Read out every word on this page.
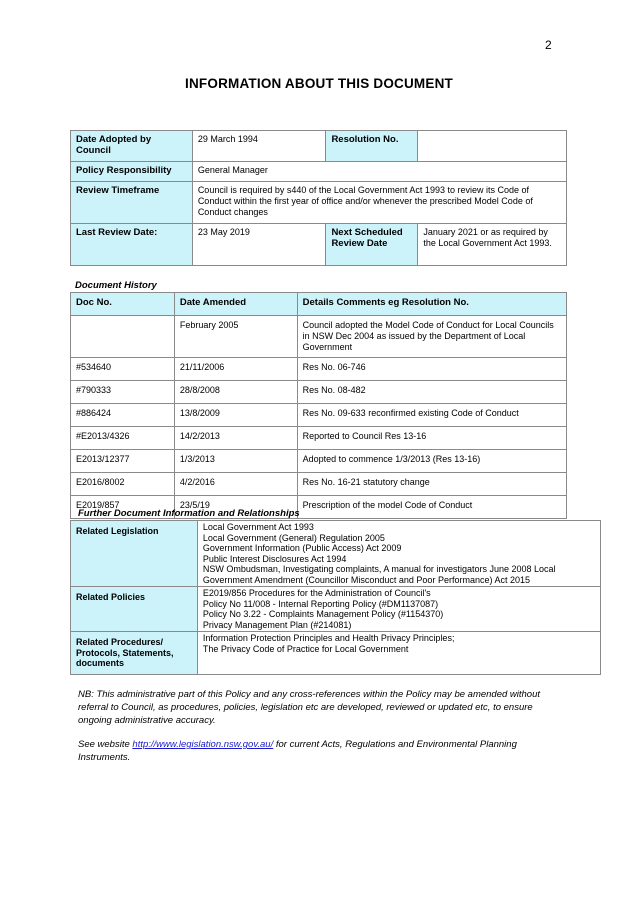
2
INFORMATION ABOUT THIS DOCUMENT
Date Adopted by Council	29 March 1994	Resolution No.	
Policy Responsibility	General Manager		
Review Timeframe	Council is required by s440 of the Local Government Act 1993 to review its Code of Conduct within the first year of office and/or whenever the prescribed Model Code of Conduct changes		
Last Review Date:	23 May 2019	Next Scheduled Review Date	January 2021 or as required by the Local Government Act 1993.
Document History
Doc No.	Date Amended	Details Comments eg Resolution No.
	February 2005	Council adopted the Model Code of Conduct for Local Councils in NSW Dec 2004 as issued by the Department of Local Government
#534640	21/11/2006	Res No. 06-746
#790333	28/8/2008	Res No. 08-482
#886424	13/8/2009	Res No. 09-633 reconfirmed existing Code of Conduct
#E2013/4326	14/2/2013	Reported to Council Res 13-16
E2013/12377	1/3/2013	Adopted to commence 1/3/2013 (Res 13-16)
E2016/8002	4/2/2016	Res No. 16-21 statutory change
E2019/857	23/5/19	Prescription of the model Code of Conduct
Further Document Information and Relationships
Related Legislation	Local Government Act 1993
Local Government (General) Regulation 2005
Government Information (Public Access) Act 2009
Public Interest Disclosures Act 1994
NSW Ombudsman, Investigating complaints, A manual for investigators June 2008 Local Government Amendment (Councillor Misconduct and Poor Performance) Act 2015

Related Policies	E2019/856 Procedures for the Administration of Council's
Policy No 11/008 - Internal Reporting Policy (#DM1137087)
Policy No 3.22 - Complaints Management Policy (#1154370)
Privacy Management Plan (#214081)

Related Procedures/ Protocols, Statements, documents	Information Protection Principles and Health Privacy Principles;
The Privacy Code of Practice for Local Government
NB: This administrative part of this Policy and any cross-references within the Policy may be amended without referral to Council, as procedures, policies, legislation etc are developed, reviewed or updated etc, to ensure ongoing administrative accuracy.
See website http://www.legislation.nsw.gov.au/ for current Acts, Regulations and Environmental Planning Instruments.
